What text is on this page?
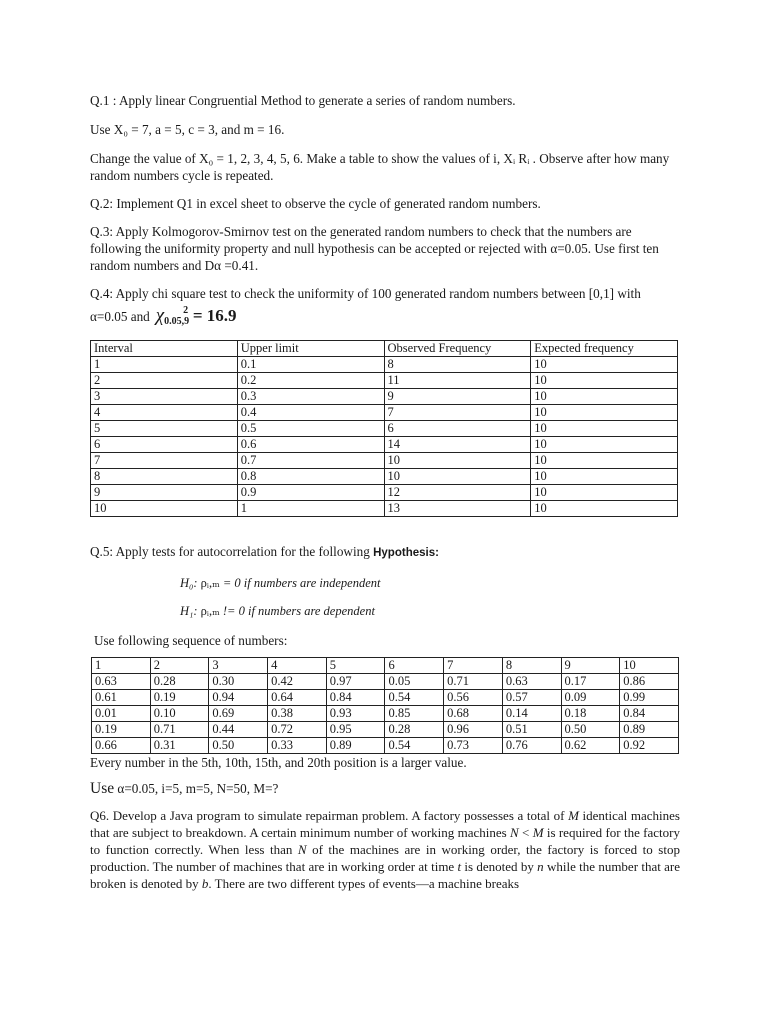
Q.1 : Apply linear Congruential Method to generate a series of random numbers.

Use X₀ = 7, a = 5, c = 3, and m = 16.

Change the value of X₀ = 1, 2, 3, 4, 5, 6. Make a table to show the values of i, Xᵢ Rᵢ . Observe after how many random numbers cycle is repeated.

Q.2: Implement Q1 in excel sheet to observe the cycle of generated random numbers.

Q.3: Apply Kolmogorov-Smirnov test on the generated random numbers to check that the numbers are following the uniformity property and null hypothesis can be accepted or rejected with α=0.05. Use first ten random numbers and Dα =0.41.

Q.4: Apply chi square test to check the uniformity of 100 generated random numbers between [0,1] with

α=0.05 and $\chi 0.05,9^2 = 16.9$

Interval	Upper limit	Observed Frequency	Expected frequency
1	0.1	8	10
2	0.2	11	10
3	0.3	9	10
4	0.4	7	10
5	0.5	6	10
6	0.6	14	10
7	0.7	10	10
8	0.8	10	10
9	0.9	12	10
10	1	13	10

Q.5: Apply tests for autocorrelation for the following Hypothesis:

H₀: ρᵢ,ₘ = 0 if numbers are independent

H₁: ρᵢ,ₘ != 0 if numbers are dependent

Use following sequence of numbers:

1	2	3	4	5	6	7	8	9	10
0.63	0.28	0.30	0.42	0.97	0.05	0.71	0.63	0.17	0.86
0.61	0.19	0.94	0.64	0.84	0.54	0.56	0.57	0.09	0.99
0.01	0.10	0.69	0.38	0.93	0.85	0.68	0.14	0.18	0.84
0.19	0.71	0.44	0.72	0.95	0.28	0.96	0.51	0.50	0.89
0.66	0.31	0.50	0.33	0.89	0.54	0.73	0.76	0.62	0.92

Every number in the 5th, 10th, 15th, and 20th position is a larger value.

Use α=0.05, i=5, m=5, N=50, M=?

Q6. Develop a Java program to simulate repairman problem. A factory possesses a total of M identical machines that are subject to breakdown. A certain minimum number of working machines N < M is required for the factory to function correctly. When less than N of the machines are in working order, the factory is forced to stop production. The number of machines that are in working order at time t is denoted by n while the number that are broken is denoted by b. There are two different types of events—a machine breaks
